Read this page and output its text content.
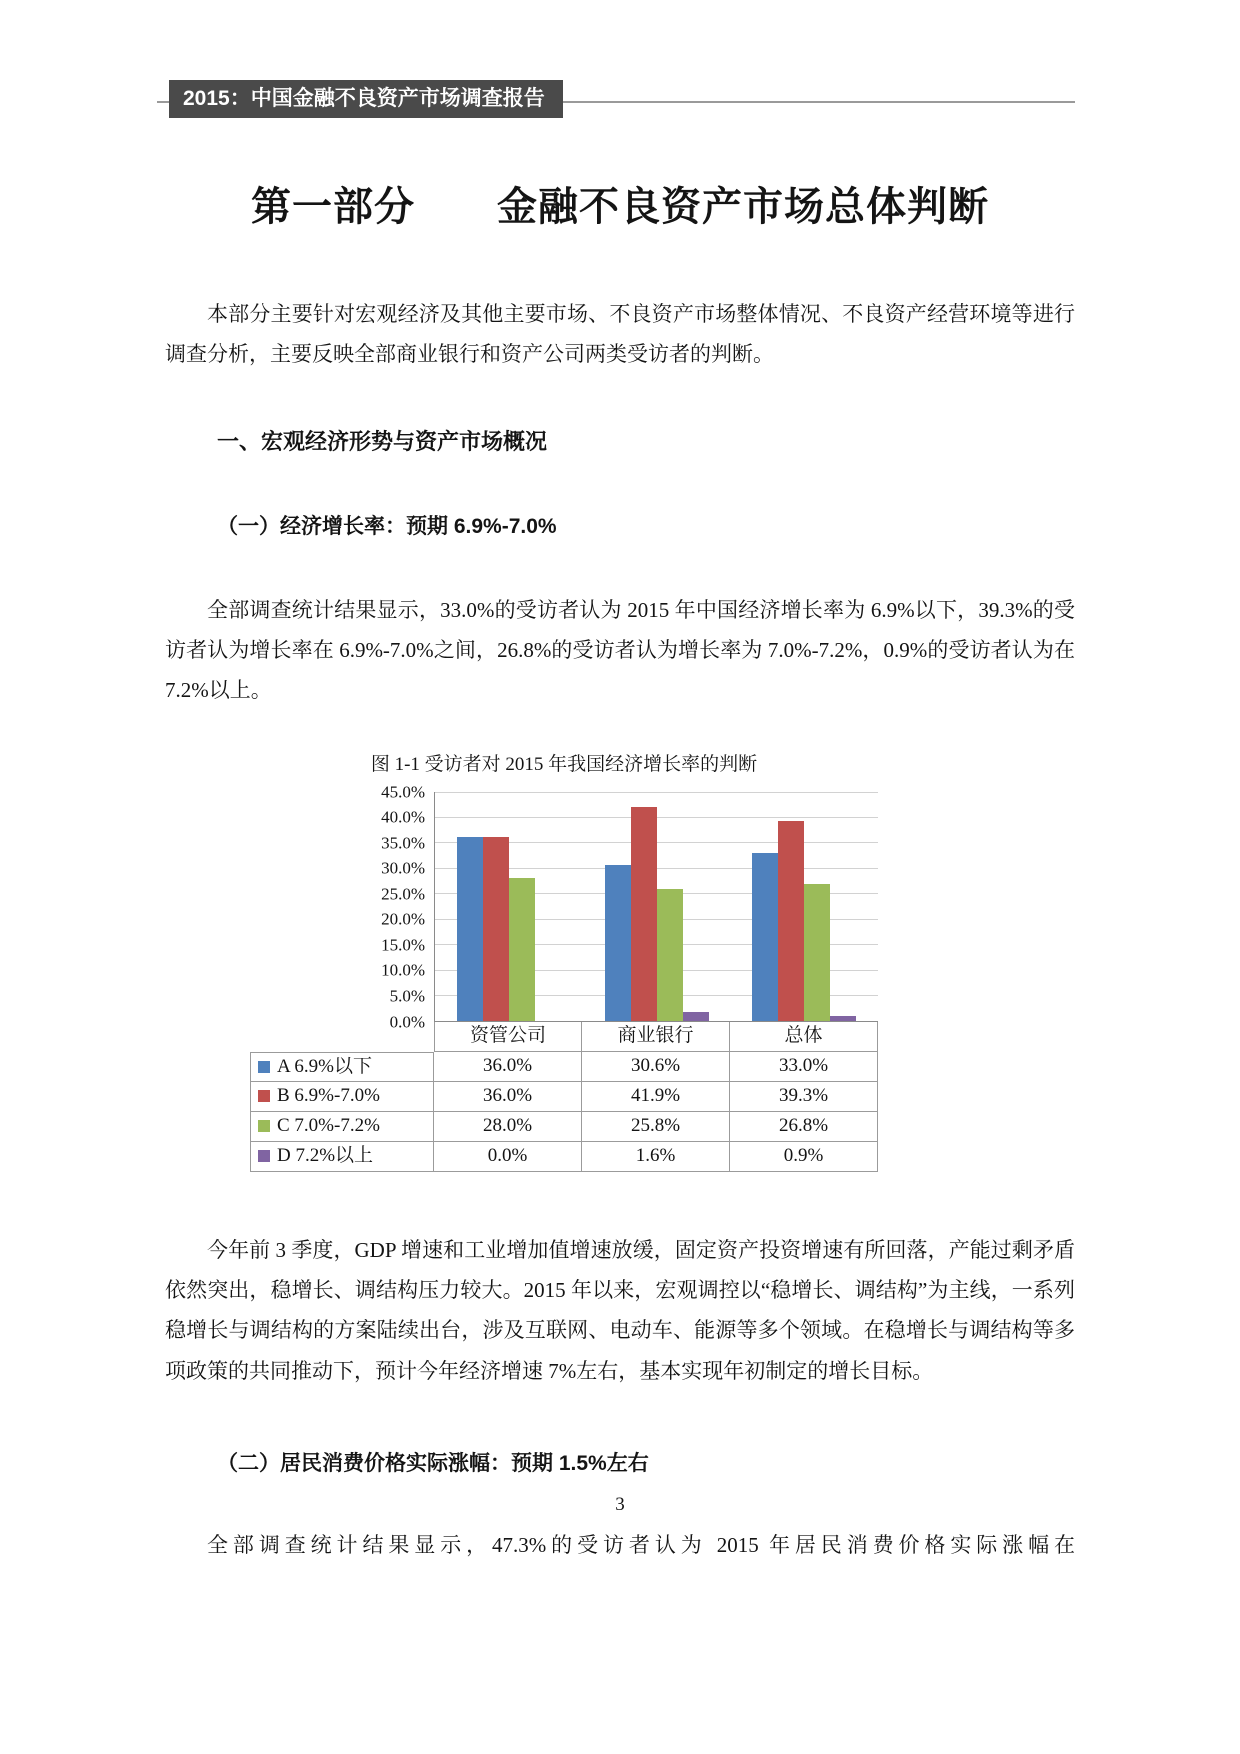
2015：中国金融不良资产市场调查报告
第一部分　　金融不良资产市场总体判断

本部分主要针对宏观经济及其他主要市场、不良资产市场整体情况、不良资产经营环境等进行调查分析，主要反映全部商业银行和资产公司两类受访者的判断。

一、宏观经济形势与资产市场概况
（一）经济增长率：预期 6.9%-7.0%

全部调查统计结果显示，33.0%的受访者认为 2015 年中国经济增长率为 6.9%以下，39.3%的受访者认为增长率在 6.9%-7.0%之间，26.8%的受访者认为增长率为 7.0%-7.2%，0.9%的受访者认为在 7.2%以上。

图 1-1 受访者对 2015 年我国经济增长率的判断
0.0%
5.0%
10.0%
15.0%
20.0%
25.0%
30.0%
35.0%
40.0%
45.0%
资管公司	商业银行	总体
A 6.9%以下	36.0%	30.6%	33.0%
B 6.9%-7.0%	36.0%	41.9%	39.3%
C 7.0%-7.2%	28.0%	25.8%	26.8%
D 7.2%以上	0.0%	1.6%	0.9%

今年前 3 季度，GDP 增速和工业增加值增速放缓，固定资产投资增速有所回落，产能过剩矛盾依然突出，稳增长、调结构压力较大。2015 年以来，宏观调控以“稳增长、调结构”为主线，一系列稳增长与调结构的方案陆续出台，涉及互联网、电动车、能源等多个领域。在稳增长与调结构等多项政策的共同推动下，预计今年经济增速 7%左右，基本实现年初制定的增长目标。

（二）居民消费价格实际涨幅：预期 1.5%左右

全部调查统计结果显示，47.3%的受访者认为 2015 年居民消费价格实际涨幅在

3
